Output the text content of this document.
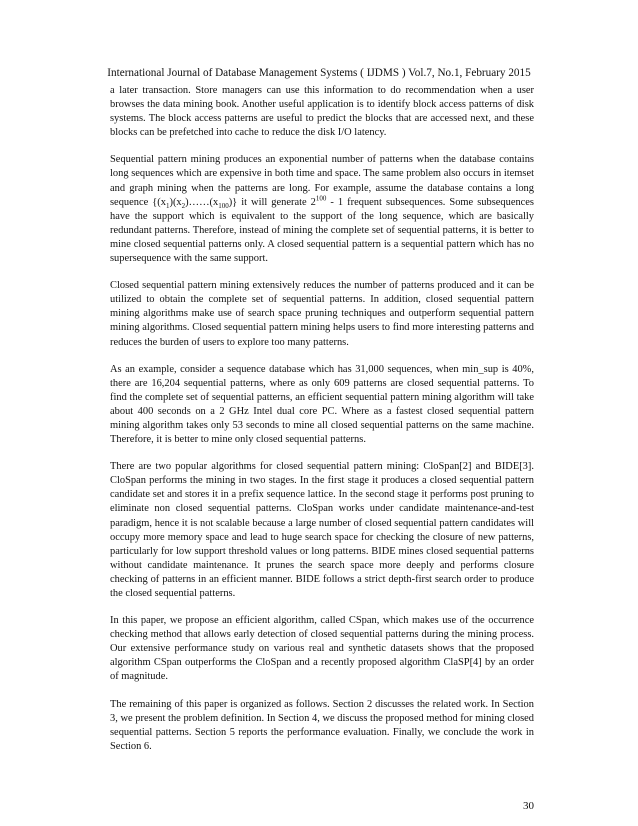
International Journal of Database Management Systems ( IJDMS ) Vol.7, No.1, February 2015

a later transaction. Store managers can use this information to do recommendation when a user browses the data mining book. Another useful application is to identify block access patterns of disk systems. The block access patterns are useful to predict the blocks that are accessed next, and these blocks can be prefetched into cache to reduce the disk I/O latency.

Sequential pattern mining produces an exponential number of patterns when the database contains long sequences which are expensive in both time and space. The same problem also occurs in itemset and graph mining when the patterns are long. For example, assume the database contains a long sequence $\{(x_1)(x_2)\dots\dots(x_{100})\}$ it will generate $2^{100} - 1$ frequent subsequences. Some subsequences have the support which is equivalent to the support of the long sequence, which are basically redundant patterns. Therefore, instead of mining the complete set of sequential patterns, it is better to mine closed sequential patterns only. A closed sequential pattern is a sequential pattern which has no supersequence with the same support.

Closed sequential pattern mining extensively reduces the number of patterns produced and it can be utilized to obtain the complete set of sequential patterns. In addition, closed sequential pattern mining algorithms make use of search space pruning techniques and outperform sequential pattern mining algorithms. Closed sequential pattern mining helps users to find more interesting patterns and reduces the burden of users to explore too many patterns.

As an example, consider a sequence database which has 31,000 sequences, when min_sup is 40%, there are 16,204 sequential patterns, where as only 609 patterns are closed sequential patterns. To find the complete set of sequential patterns, an efficient sequential pattern mining algorithm will take about 400 seconds on a 2 GHz Intel dual core PC. Where as a fastest closed sequential pattern mining algorithm takes only 53 seconds to mine all closed sequential patterns on the same machine. Therefore, it is better to mine only closed sequential patterns.

There are two popular algorithms for closed sequential pattern mining: CloSpan[2] and BIDE[3]. CloSpan performs the mining in two stages. In the first stage it produces a closed sequential pattern candidate set and stores it in a prefix sequence lattice. In the second stage it performs post pruning to eliminate non closed sequential patterns. CloSpan works under candidate maintenance-and-test paradigm, hence it is not scalable because a large number of closed sequential pattern candidates will occupy more memory space and lead to huge search space for checking the closure of new patterns, particularly for low support threshold values or long patterns. BIDE mines closed sequential patterns without candidate maintenance. It prunes the search space more deeply and performs closure checking of patterns in an efficient manner. BIDE follows a strict depth-first search order to produce the closed sequential patterns.

In this paper, we propose an efficient algorithm, called CSpan, which makes use of the occurrence checking method that allows early detection of closed sequential patterns during the mining process. Our extensive performance study on various real and synthetic datasets shows that the proposed algorithm CSpan outperforms the CloSpan and a recently proposed algorithm ClaSP[4] by an order of magnitude.

The remaining of this paper is organized as follows. Section 2 discusses the related work. In Section 3, we present the problem definition. In Section 4, we discuss the proposed method for mining closed sequential patterns. Section 5 reports the performance evaluation. Finally, we conclude the work in Section 6.

30
